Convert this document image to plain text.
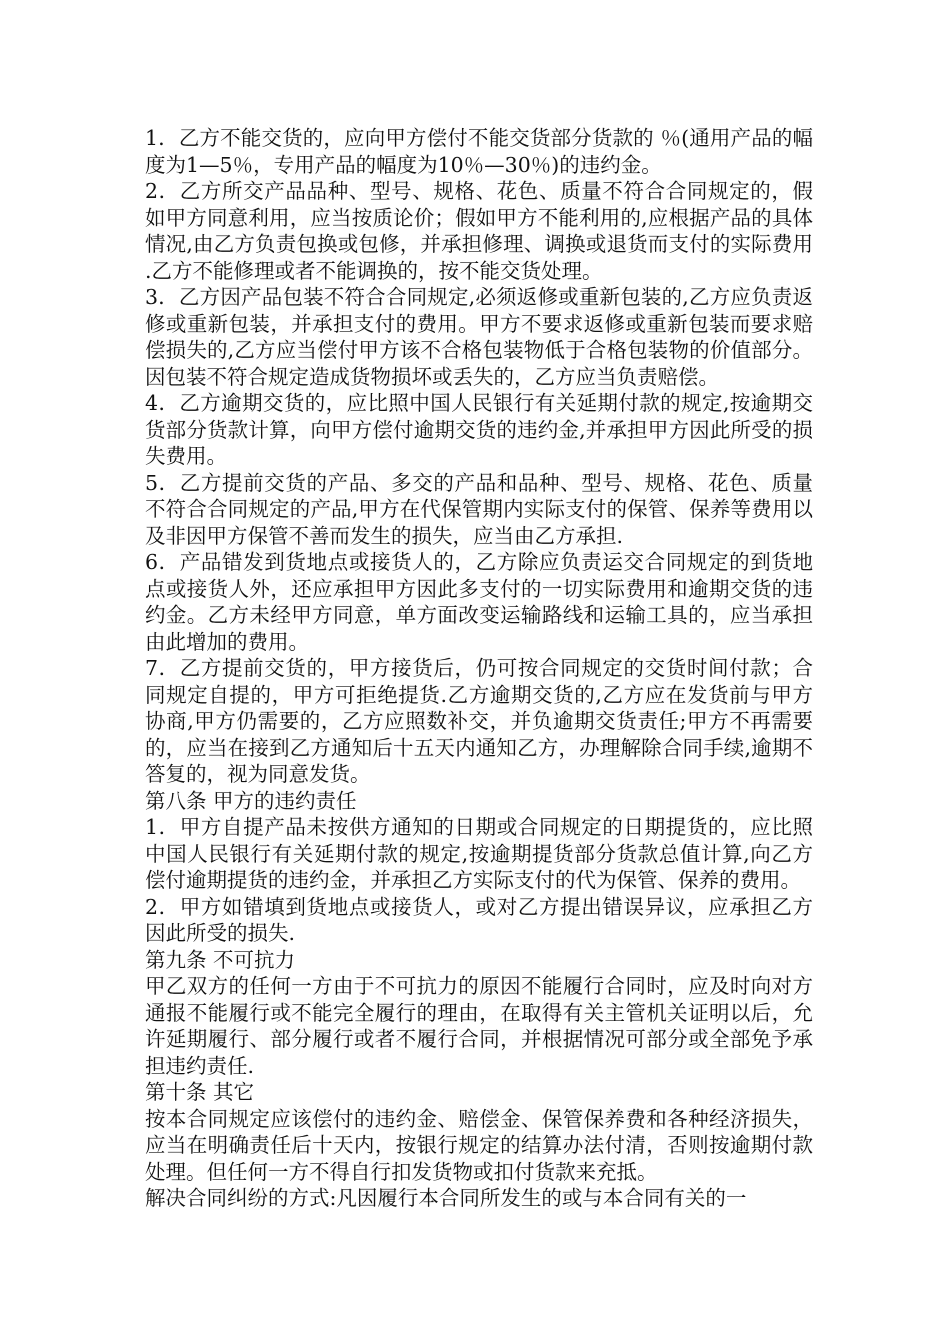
1．乙方不能交货的，应向甲方偿付不能交货部分货款的 ％(通用产品的幅度为1—5％，专用产品的幅度为10％—30％)的违约金。

2．乙方所交产品品种、型号、规格、花色、质量不符合合同规定的，假如甲方同意利用，应当按质论价；假如甲方不能利用的,应根据产品的具体情况,由乙方负责包换或包修，并承担修理、调换或退货而支付的实际费用.乙方不能修理或者不能调换的，按不能交货处理。

3．乙方因产品包装不符合合同规定,必须返修或重新包装的,乙方应负责返修或重新包装，并承担支付的费用。甲方不要求返修或重新包装而要求赔偿损失的,乙方应当偿付甲方该不合格包装物低于合格包装物的价值部分。因包装不符合规定造成货物损坏或丢失的，乙方应当负责赔偿。

4．乙方逾期交货的，应比照中国人民银行有关延期付款的规定,按逾期交货部分货款计算，向甲方偿付逾期交货的违约金,并承担甲方因此所受的损失费用。

5．乙方提前交货的产品、多交的产品和品种、型号、规格、花色、质量不符合合同规定的产品,甲方在代保管期内实际支付的保管、保养等费用以及非因甲方保管不善而发生的损失，应当由乙方承担.

6．产品错发到货地点或接货人的，乙方除应负责运交合同规定的到货地点或接货人外，还应承担甲方因此多支付的一切实际费用和逾期交货的违约金。乙方未经甲方同意，单方面改变运输路线和运输工具的，应当承担由此增加的费用。

7．乙方提前交货的，甲方接货后，仍可按合同规定的交货时间付款；合同规定自提的，甲方可拒绝提货.乙方逾期交货的,乙方应在发货前与甲方协商,甲方仍需要的，乙方应照数补交，并负逾期交货责任;甲方不再需要的，应当在接到乙方通知后十五天内通知乙方，办理解除合同手续,逾期不答复的，视为同意发货。

第八条 甲方的违约责任

1．甲方自提产品未按供方通知的日期或合同规定的日期提货的，应比照中国人民银行有关延期付款的规定,按逾期提货部分货款总值计算,向乙方偿付逾期提货的违约金，并承担乙方实际支付的代为保管、保养的费用。

2．甲方如错填到货地点或接货人，或对乙方提出错误异议，应承担乙方因此所受的损失.

第九条 不可抗力

甲乙双方的任何一方由于不可抗力的原因不能履行合同时，应及时向对方通报不能履行或不能完全履行的理由，在取得有关主管机关证明以后，允许延期履行、部分履行或者不履行合同，并根据情况可部分或全部免予承担违约责任.

第十条 其它

按本合同规定应该偿付的违约金、赔偿金、保管保养费和各种经济损失，应当在明确责任后十天内，按银行规定的结算办法付清，否则按逾期付款处理。但任何一方不得自行扣发货物或扣付货款来充抵。

解决合同纠纷的方式:凡因履行本合同所发生的或与本合同有关的一
